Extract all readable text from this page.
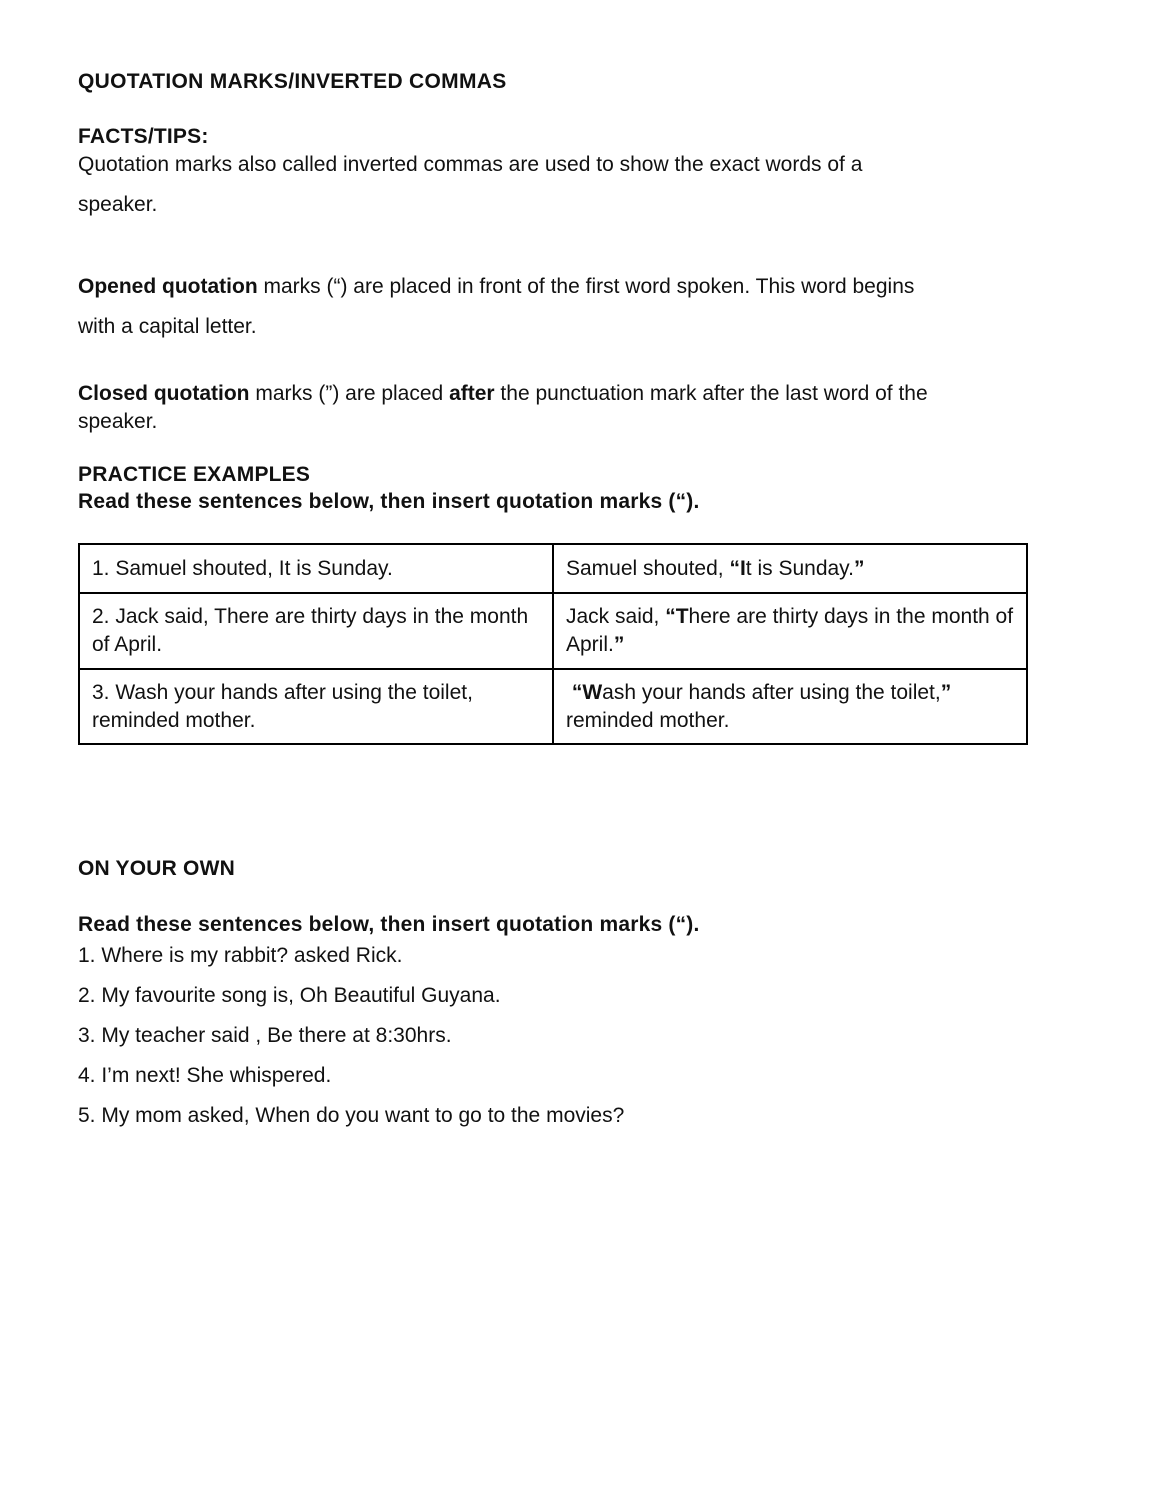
QUOTATION MARKS/INVERTED COMMAS
FACTS/TIPS:
Quotation marks also called inverted commas are used to show the exact words of a
speaker.
Opened quotation marks (“) are placed in front of the first word spoken. This word begins
with a capital letter.
Closed quotation marks (”) are placed after the punctuation mark after the last word of the
speaker.
PRACTICE EXAMPLES
Read these sentences below, then insert quotation marks (“).
1. Samuel shouted, It is Sunday.	Samuel shouted, “It is Sunday.”
2. Jack said, There are thirty days in the month of April.	Jack said, “There are thirty days in the month of April.”
3. Wash your hands after using the toilet, reminded mother.	“Wash your hands after using the toilet,” reminded mother.
ON YOUR OWN
Read these sentences below, then insert quotation marks (“).
1. Where is my rabbit? asked Rick.
2. My favourite song is, Oh Beautiful Guyana.
3. My teacher said , Be there at 8:30hrs.
4. I’m next! She whispered.
5. My mom asked, When do you want to go to the movies?
